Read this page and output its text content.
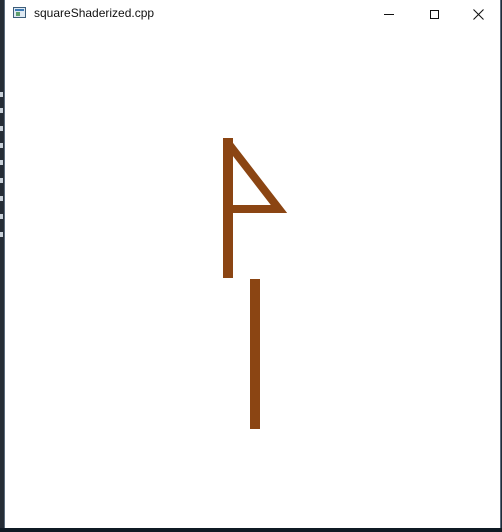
squareShaderized.cpp
